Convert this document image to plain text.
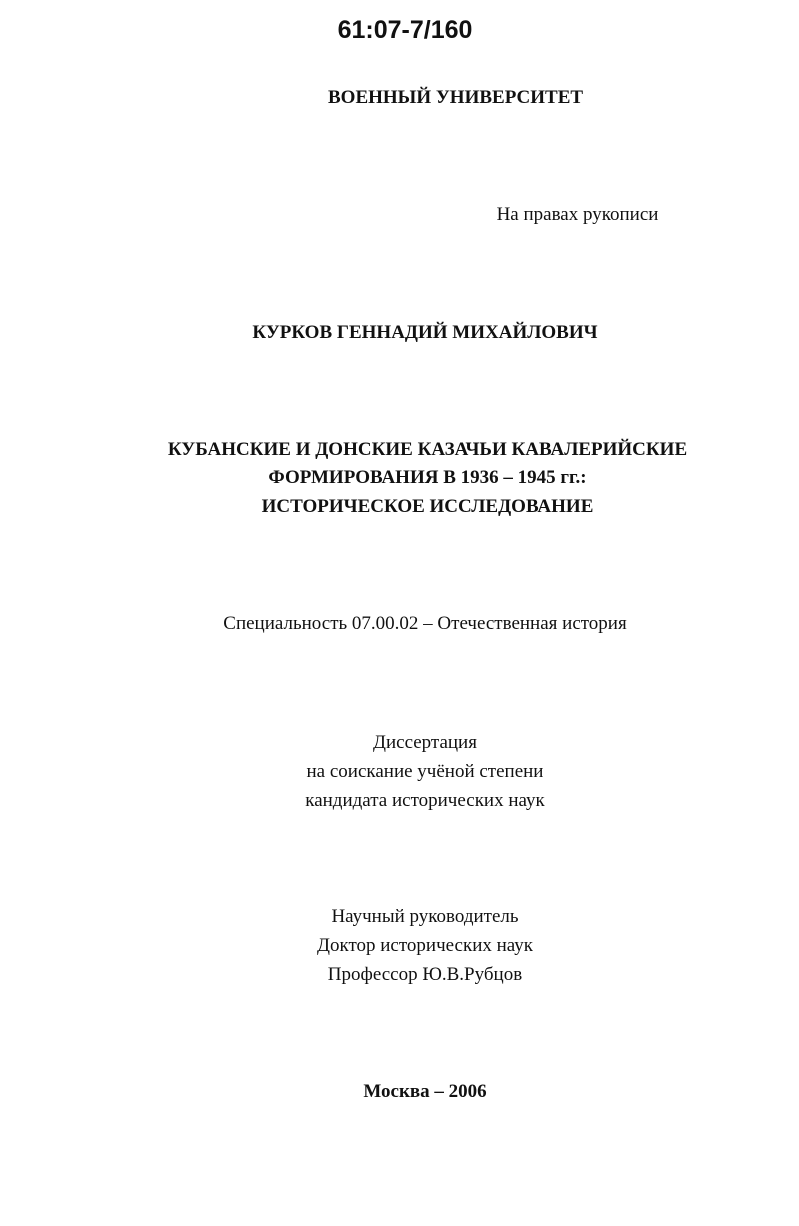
61:07-7/160
ВОЕННЫЙ УНИВЕРСИТЕТ
На правах рукописи
КУРКОВ ГЕННАДИЙ МИХАЙЛОВИЧ
КУБАНСКИЕ И ДОНСКИЕ КАЗАЧЬИ КАВАЛЕРИЙСКИЕ
ФОРМИРОВАНИЯ В 1936 – 1945 гг.:
ИСТОРИЧЕСКОЕ ИССЛЕДОВАНИЕ
Специальность 07.00.02 – Отечественная история
Диссертация
на соискание учёной степени
кандидата исторических наук
Научный руководитель
Доктор исторических наук
Профессор Ю.В.Рубцов
Москва – 2006
